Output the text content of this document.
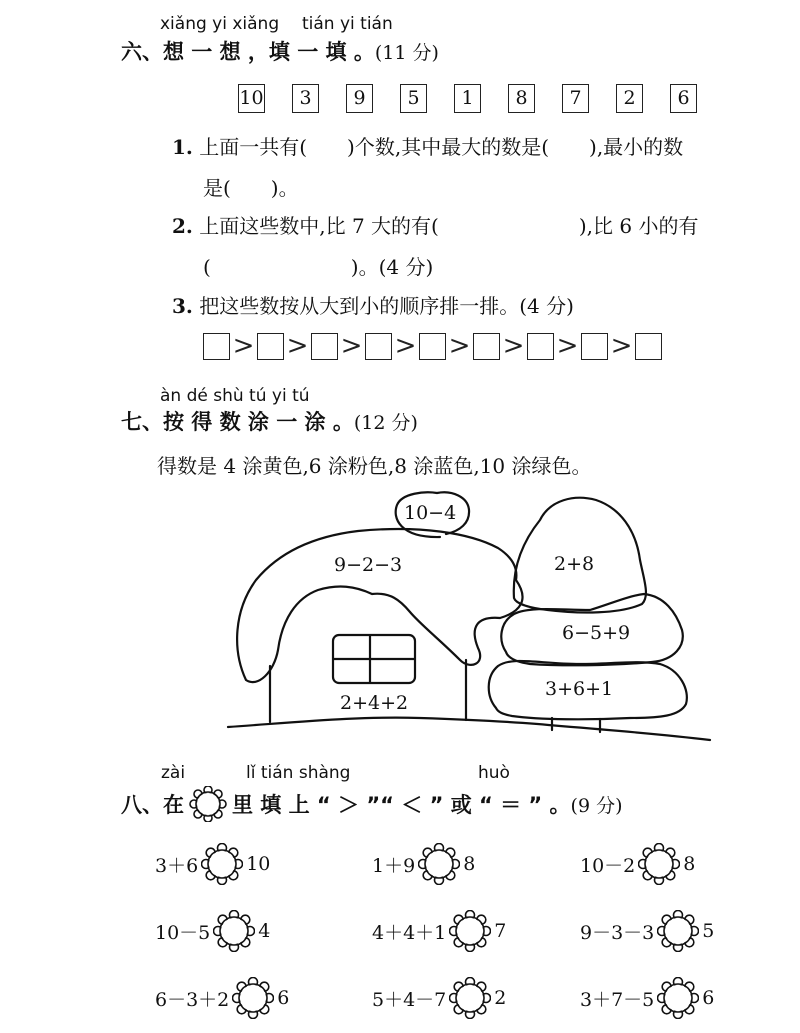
xiǎng yi xiǎng tián yi tián
六、想 一 想 ，填 一 填 。(11 分)
10	3	9	5	1	8	7	2	6
1. 上面一共有(　　)个数,其中最大的数是(　　),最小的数
是(　　)。
2. 上面这些数中,比 7 大的有(　　　　　　　),比 6 小的有
(　　　　　　　)。(4 分)
3. 把这些数按从大到小的顺序排一排。(4 分)
> > > > > > > >
àn dé shù tú yi tú
七、按 得 数 涂 一 涂 。(12 分)
得数是 4 涂黄色,6 涂粉色,8 涂蓝色,10 涂绿色。
10−4
9−2−3
2+4+2
2+8
6−5+9
3+6+1
zài	lǐ tián shàng	huò
八、在 里 填 上 “ ＞ ”“ ＜ ” 或 “ ＝ ” 。 (9 分)
3＋6	10	1＋9	8	10－2	8
10－5	4	4＋4＋1	7	9－3－3	5
6－3＋2	6	5＋4－7	2	3＋7－5	6
